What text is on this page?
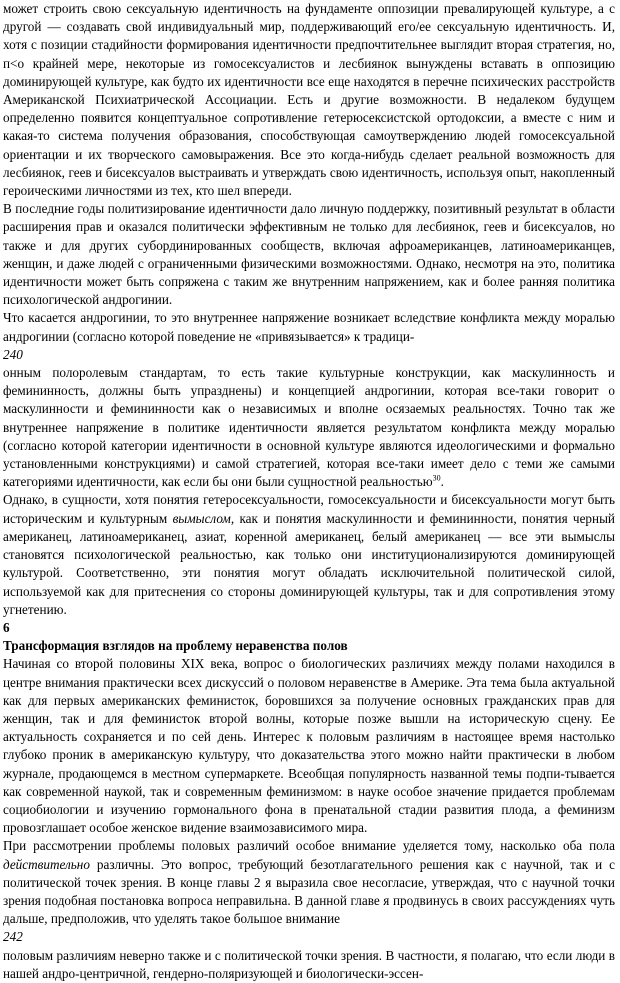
может строить свою сексуальную идентичность на фундаменте оппозиции превалирующей культуре, а с другой — создавать свой индивидуальный мир, поддерживающий его/ее сексуальную идентичность. И, хотя с позиции стадийности формирования идентичности предпочтительнее выглядит вторая стратегия, но, п<о крайней мере, некоторые из гомосексуалистов и лесбиянок вынуждены вставать в оппозицию доминирующей культуре, как будто их идентичности все еще находятся в перечне психических расстройств Американской Психиатрической Ассоциации. Есть и другие возможности. В недалеком будущем определенно появится концептуальное сопротивление гетерюсексистской ортодоксии, а вместе с ним и какая-то система получения образования, способствующая самоутверждению людей гомосексуальной ориентации и их творческого самовыражения. Все это когда-нибудь сделает реальной возможность для лесбиянок, геев и бисексуалов выстраивать и утверждать свою идентичность, используя опыт, накопленный героическими личностями из тех, кто шел впереди.

В последние годы политизирование идентичности дало личную поддержку, позитивный результат в области расширения прав и оказался политически эффективным не только для лесбиянок, геев и бисексуалов, но также и для других субординированных сообществ, включая афроамериканцев, латиноамериканцев, женщин, и даже людей с ограниченными физическими возможностями. Однако, несмотря на это, политика идентичности может быть сопряжена с таким же внутренним напряжением, как и более ранняя политика психологической андрогинии.

Что касается андрогинии, то это внутреннее напряжение возникает вследствие конфликта между моралью андрогинии (согласно которой поведение не «привязывается» к традици-

240

онным полоролевым стандартам, то есть такие культурные конструкции, как маскулинность и фемининность, должны быть упразднены) и концепцией андрогинии, которая все-таки говорит о маскулинности и фемининности как о независимых и вполне осязаемых реальностях. Точно так же внутреннее напряжение в политике идентичности является результатом конфликта между моралью (согласно которой категории идентичности в основной культуре являются идеологическими и формально установленными конструкциями) и самой стратегией, которая все-таки имеет дело с теми же самыми категориями идентичности, как если бы они были сущностной реальностью$^{30}$.

Однако, в сущности, хотя понятия гетеросексуальности, гомосексуальности и бисексуальности могут быть историческим и культурным вымыслом, как и понятия маскулинности и фемининности, понятия черный американец, латиноамериканец, азиат, коренной американец, белый американец — все эти вымыслы становятся психологической реальностью, как только они институционализируются доминирующей культурой. Соответственно, эти понятия могут обладать исключительной политической силой, используемой как для притеснения со стороны доминирующей культуры, так и для сопротивления этому угнетению.

6

Трансформация взглядов на проблему неравенства полов

Начиная со второй половины XIX века, вопрос о биологических различиях между полами находился в центре внимания практически всех дискуссий о половом неравенстве в Америке. Эта тема была актуальной как для первых американских феминисток, боровшихся за получение основных гражданских прав для женщин, так и для феминисток второй волны, которые позже вышли на историческую сцену. Ее актуальность сохраняется и по сей день. Интерес к половым различиям в настоящее время настолько глубоко проник в американскую культуру, что доказательства этого можно найти практически в любом журнале, продающемся в местном супермаркете. Всеобщая популярность названной темы подпи-тывается как современной наукой, так и современным феминизмом: в науке особое значение придается проблемам социобиологии и изучению гормонального фона в пренатальной стадии развития плода, а феминизм провозглашает особое женское видение взаимозависимого мира.

При рассмотрении проблемы половых различий особое внимание уделяется тому, насколько оба пола действительно различны. Это вопрос, требующий безотлагательного решения как с научной, так и с политической точек зрения. В конце главы 2 я выразила свое несогласие, утверждая, что с научной точки зрения подобная постановка вопроса неправильна. В данной главе я продвинусь в своих рассуждениях чуть дальше, предположив, что уделять такое большое внимание

242

половым различиям неверно также и с политической точки зрения. В частности, я полагаю, что если люди в нашей андро-центричной, гендерно-поляризующей и биологически-эссен-
